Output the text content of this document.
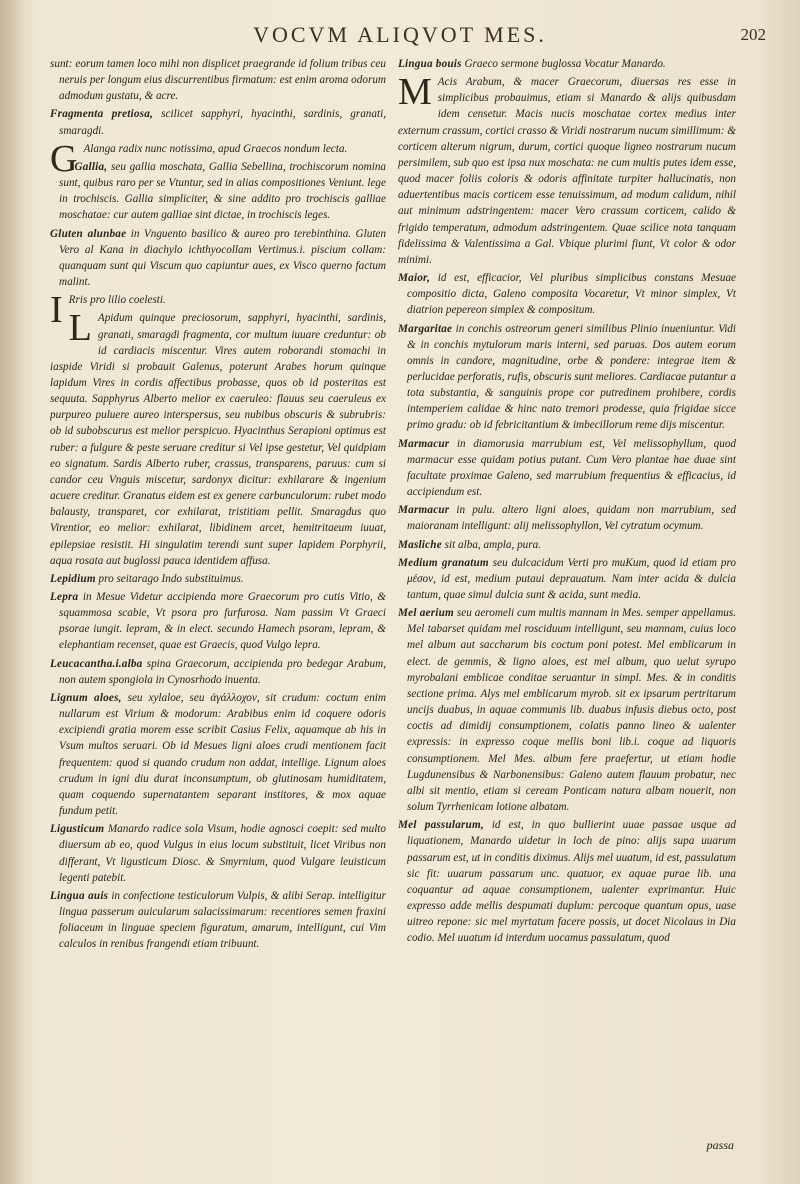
VOCVM ALIQVOT MES.	202

sunt: eorum tamen loco mihi non displicet praegrande id folium tribus ceu neruis per longum eius discurrentibus firmatum: est enim aroma odorum admodum gustatu, & acre.

Fragmenta pretiosa, scilicet sapphyri, hyacinthi, sardinis, granati, smaragdi.

G Alanga radix nunc notissima, apud Graecos nondum lecta.

Gallia, seu gallia moschata, Gallia Sebellina, trochiscorum nomina sunt, quibus raro per se Vtuntur, sed in alias compositiones Veniunt. lege in trochiscis. Gallia simpliciter, & sine addito pro trochiscis galliae moschatae: cur autem galliae sint dictae, in trochiscis leges.

Gluten alunbae in Vnguento basilico & aureo pro terebinthina. Gluten Vero al Kana in diachylo ichthyocollam Vertimus.i. piscium collam: quanquam sunt qui Viscum quo capiuntur aues, ex Visco querno factum malint.

I Rris pro lilio coelesti.

L Apidum quinque preciosorum, sapphyri, hyacinthi, sardinis, granati, smaragdi fragmenta, cor multum iuuare creduntur: ob id cardiacis miscentur. Vires autem roborandi stomachi in iaspide Viridi si probauit Galenus, poterunt Arabes horum quinque lapidum Vires in cordis affectibus probasse, quos ob id posteritas est sequuta. Sapphyrus Alberto melior ex caeruleo: flauus seu caeruleus ex purpureo puluere aureo interspersus, seu nubibus obscuris & subrubris: ob id subobscurus est melior perspicuo. Hyacinthus Serapioni optimus est ruber: a fulgure & peste seruare creditur si Vel ipse gestetur, Vel quidpiam eo signatum. Sardis Alberto ruber, crassus, transparens, paruus: cum si candor ceu Vnguis miscetur, sardonyx dicitur: exhilarare & ingenium acuere creditur. Granatus eidem est ex genere carbunculorum: rubet modo balausty, transparet, cor exhilarat, tristitiam pellit. Smaragdus quo Virentior, eo melior: exhilarat, libidinem arcet, hemitritaeum iuuat, epilepsiae resistit. Hi singulatim terendi sunt super lapidem Porphyrii, aqua rosata aut buglossi pauca identidem affusa.

Lepidium pro seitarago Indo substituimus.

Lepra in Mesue Videtur accipienda more Graecorum pro cutis Vitio, & squammosa scabie, Vt psora pro furfurosa. Nam passim Vt Graeci psorae iungit. lepram, & in elect. secundo Hamech psoram, lepram, & elephantiam recenset, quae est Graecis, quod Vulgo lepra.

Leucacantha.i.alba spina Graecorum, accipienda pro bedegar Arabum, non autem spongiola in Cynosrhodo inuenta.

Lignum aloes, seu xylaloe, seu ἀγάλλοχον, sit crudum: coctum enim nullarum est Virium & modorum: Arabibus enim id coquere odoris excipiendi gratia morem esse scribit Casius Felix, aquamque ab his in Vsum multos seruari. Ob id Mesues ligni aloes crudi mentionem facit frequentem: quod si quando crudum non addat, intellige. Lignum aloes crudum in igni diu durat inconsumptum, ob glutinosam humiditatem, quam coquendo supernatantem separant institores, & mox aquae fundum petit.

Ligusticum Manardo radice sola Visum, hodie agnosci coepit: sed multo diuersum ab eo, quod Vulgus in eius locum substituit, licet Viribus non differant, Vt ligusticum Diosc. & Smyrnium, quod Vulgare leuisticum legenti patebit.

Lingua auis in confectione testiculorum Vulpis, & alibi Serap. intelligitur lingua passerum auicularum salacissimarum: recentiores semen fraxini foliaceum in linguae speciem figuratum, amarum, intelligunt, cui Vim calculos in renibus frangendi etiam tribuunt.

Lingua bouis Graeco sermone buglossa Vocatur Manardo.

M Acis Arabum, & macer Graecorum, diuersas res esse in simplicibus probauimus, etiam si Manardo & alijs quibusdam idem censetur. Macis nucis moschatae cortex medius inter externum crassum, cortici crasso & Viridi nostrarum nucum simillimum: & corticem alterum nigrum, durum, cortici quoque ligneo nostrarum nucum persimilem, sub quo est ipsa nux moschata: ne cum multis putes idem esse, quod macer foliis coloris & odoris affinitate turpiter hallucinatis, non aduertentibus macis corticem esse tenuissimum, ad modum calidum, nihil aut minimum adstringentem: macer Vero crassum corticem, calido & frigido temperatum, admodum adstringentem. Quae scilice nota tanquam fidelissima & Valentissima a Gal. Vbique plurimi fiunt, Vt color & odor minimi.

Maior, id est, efficacior, Vel pluribus simplicibus constans Mesuae compositio dicta, Galeno composita Vocaretur, Vt minor simplex, Vt diatrion pepereon simplex & compositum.

Margaritae in conchis ostreorum generi similibus Plinio inueniuntur. Vidi & in conchis mytulorum maris interni, sed paruas. Dos autem eorum omnis in candore, magnitudine, orbe & pondere: integrae item & perlucidae perforatis, rufis, obscuris sunt meliores. Cardiacae putantur a tota substantia, & sanguinis prope cor putredinem prohibere, cordis intemperiem calidae & hinc nato tremori prodesse, quia frigidae sicce primo gradu: ob id febricitantium & imbecillorum reme dijs miscentur.

Marmacur in diamorusia marrubium est, Vel melissophyllum, quod marmacur esse quidam potius putant. Cum Vero plantae hae duae sint facultate proximae Galeno, sed marrubium frequentius & efficacius, id accipiendum est.

Marmacur in pulu. altero ligni aloes, quidam non marrubium, sed maioranam intelligunt: alij melissophyllon, Vel cytratum ocymum.

Masliche sit alba, ampla, pura.

Medium granatum seu dulcacidum Verti pro muKum, quod id etiam pro μέσον, id est, medium putaui deprauatum. Nam inter acida & dulcia tantum, quae simul dulcia sunt & acida, sunt media.

Mel aerium seu aeromeli cum multis mannam in Mes. semper appellamus. Mel tabarset quidam mel rosciduum intelligunt, seu mannam, cuius loco mel album aut saccharum bis coctum poni potest. Mel emblicarum in elect. de gemmis, & ligno aloes, est mel album, quo uelut syrupo myrobalani emblicae conditae seruantur in simpl. Mes. & in conditis sectione prima. Alys mel emblicarum myrob. sit ex ipsarum pertritarum uncijs duabus, in aquae communis lib. duabus infusis diebus octo, post coctis ad dimidij consumptionem, colatis panno lineo & ualenter expressis: in expresso coque mellis boni lib.i. coque ad liquoris consumptionem. Mel Mes. album fere praefertur, ut etiam hodie Lugdunensibus & Narbonensibus: Galeno autem flauum probatur, nec albi sit mentio, etiam si ceream Ponticam natura albam nouerit, non solum Tyrrhenicam lotione albatam.

Mel passularum, id est, in quo bullierint uuae passae usque ad liquationem, Manardo uidetur in loch de pino: alijs supa uuarum passarum est, ut in conditis diximus. Alijs mel uuatum, id est, passulatum sic fit: uuarum passarum unc. quatuor, ex aquae purae lib. una coquantur ad aquae consumptionem, ualenter exprimantur. Huic expresso adde mellis despumati duplum: percoque quantum opus, uase uitreo repone: sic mel myrtatum facere possis, ut docet Nicolaus in Dia codio. Mel uuatum id interdum uocamus passulatum, quod

passa
